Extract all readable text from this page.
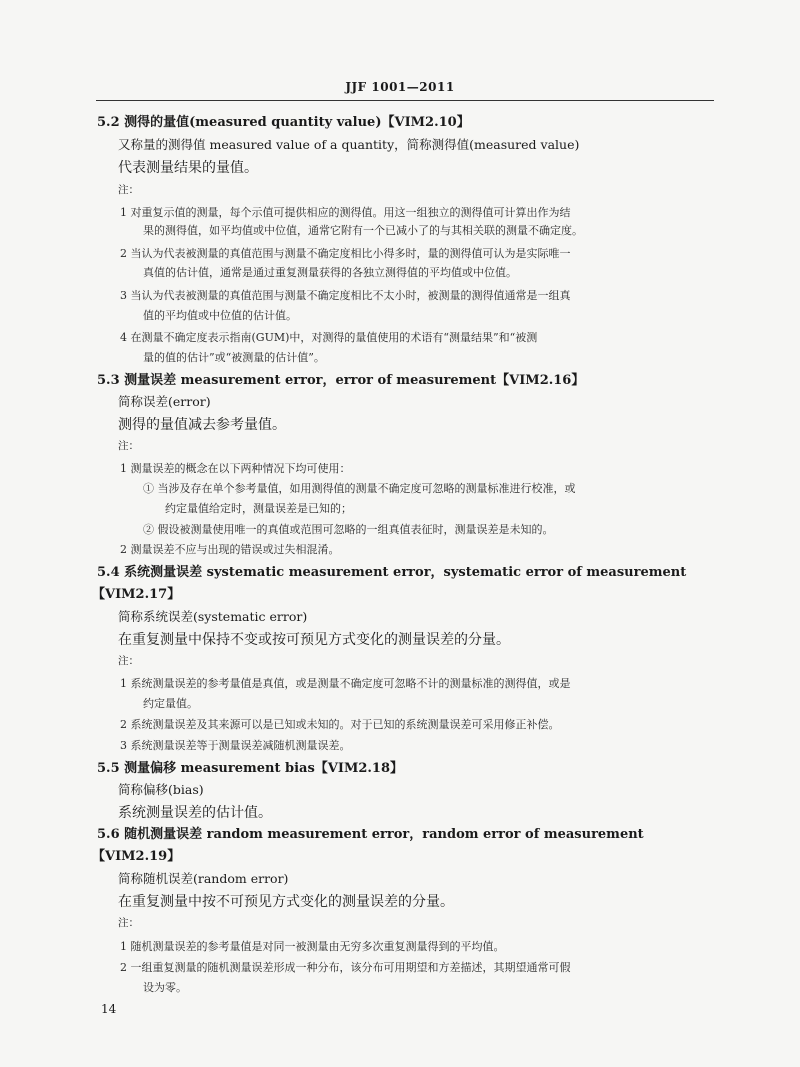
JJF 1001—2011
5.2 测得的量值(measured quantity value)【VIM2.10】
又称量的测得值 measured value of a quantity，简称测得值(measured value)
代表测量结果的量值。
注：
1 对重复示值的测量，每个示值可提供相应的测得值。用这一组独立的测得值可计算出作为结
果的测得值，如平均值或中位值，通常它附有一个已减小了的与其相关联的测量不确定度。
2 当认为代表被测量的真值范围与测量不确定度相比小得多时，量的测得值可认为是实际唯一
真值的估计值，通常是通过重复测量获得的各独立测得值的平均值或中位值。
3 当认为代表被测量的真值范围与测量不确定度相比不太小时，被测量的测得值通常是一组真
值的平均值或中位值的估计值。
4 在测量不确定度表示指南(GUM)中，对测得的量值使用的术语有“测量结果”和“被测
量的值的估计”或“被测量的估计值”。
5.3 测量误差 measurement error，error of measurement【VIM2.16】
简称误差(error)
测得的量值减去参考量值。
注：
1 测量误差的概念在以下两种情况下均可使用：
① 当涉及存在单个参考量值，如用测得值的测量不确定度可忽略的测量标准进行校准，或
约定量值给定时，测量误差是已知的；
② 假设被测量使用唯一的真值或范围可忽略的一组真值表征时，测量误差是未知的。
2 测量误差不应与出现的错误或过失相混淆。
5.4 系统测量误差 systematic measurement error，systematic error of measurement
【VIM2.17】
简称系统误差(systematic error)
在重复测量中保持不变或按可预见方式变化的测量误差的分量。
注：
1 系统测量误差的参考量值是真值，或是测量不确定度可忽略不计的测量标准的测得值，或是
约定量值。
2 系统测量误差及其来源可以是已知或未知的。对于已知的系统测量误差可采用修正补偿。
3 系统测量误差等于测量误差减随机测量误差。
5.5 测量偏移 measurement bias【VIM2.18】
简称偏移(bias)
系统测量误差的估计值。
5.6 随机测量误差 random measurement error，random error of measurement
【VIM2.19】
简称随机误差(random error)
在重复测量中按不可预见方式变化的测量误差的分量。
注：
1 随机测量误差的参考量值是对同一被测量由无穷多次重复测量得到的平均值。
2 一组重复测量的随机测量误差形成一种分布，该分布可用期望和方差描述，其期望通常可假
设为零。
14
